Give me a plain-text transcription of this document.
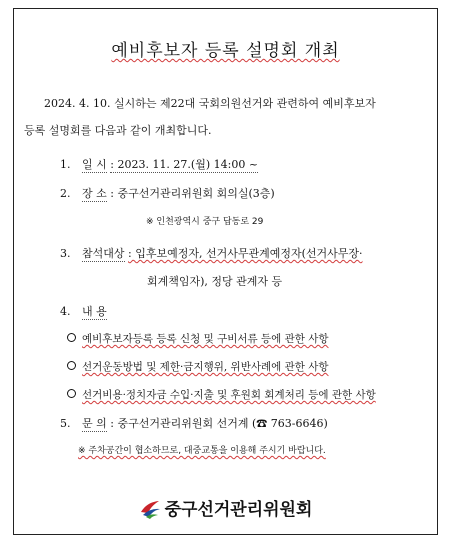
예비후보자 등록 설명회 개최
2024. 4. 10. 실시하는 제22대 국회의원선거와 관련하여 예비후보자
등록 설명회를 다음과 같이 개최합니다.
1. 일 시 : 2023. 11. 27.(월) 14:00 ~
2. 장 소 : 중구선거관리위원회 회의실(3층)
※ 인천광역시 중구 답동로 29
3. 참석대상 : 입후보예정자, 선거사무관계예정자(선거사무장·
회계책임자), 정당 관계자 등
4. 내 용
예비후보자등록 등록 신청 및 구비서류 등에 관한 사항
선거운동방법 및 제한·금지행위, 위반사례에 관한 사항
선거비용·정치자금 수입·지출 및 후원회 회계처리 등에 관한 사항
5. 문 의 : 중구선거관리위원회 선거계 (☎ 763-6646)
※ 주차공간이 협소하므로, 대중교통을 이용해 주시기 바랍니다.
중구선거관리위원회
